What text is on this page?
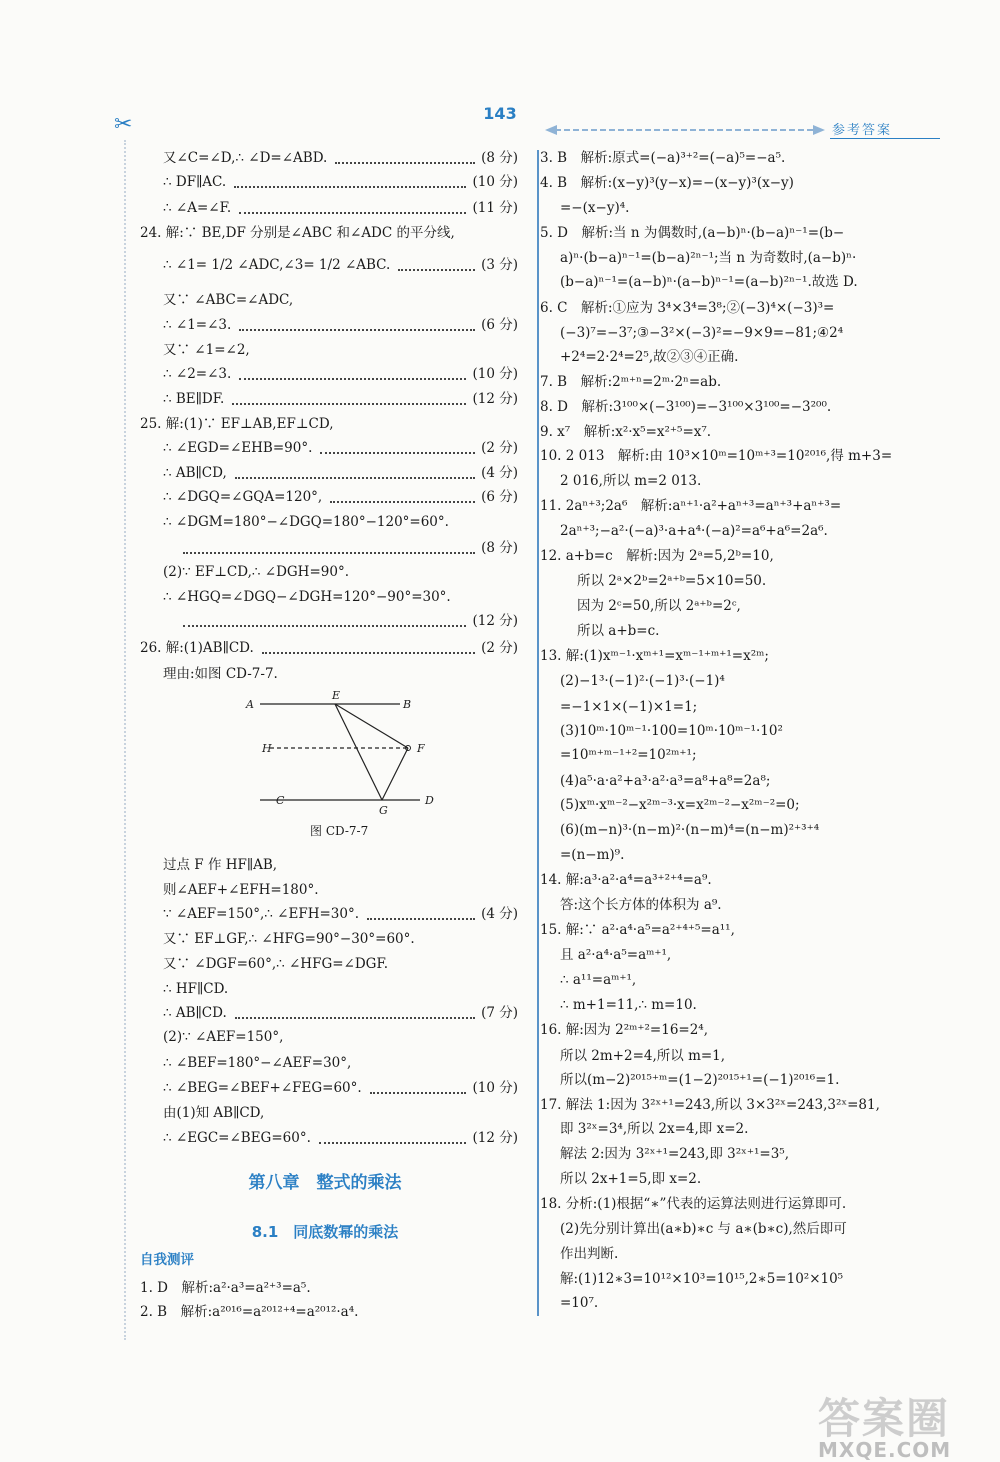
✂	143
参考答案
又∠C=∠D,∴ ∠D=∠ABD.	(8 分)
∴ DF∥AC.	(10 分)
∴ ∠A=∠F.	(11 分)
24. 解:∵ BE,DF 分别是∠ABC 和∠ADC 的平分线,
∴ ∠1= 1/2 ∠ADC,∠3= 1/2 ∠ABC.	(3 分)
又∵ ∠ABC=∠ADC,
∴ ∠1=∠3.	(6 分)
又∵ ∠1=∠2,
∴ ∠2=∠3.	(10 分)
∴ BE∥DF.	(12 分)
25. 解:(1)∵ EF⊥AB,EF⊥CD,
∴ ∠EGD=∠EHB=90°.	(2 分)
∴ AB∥CD,	(4 分)
∴ ∠DGQ=∠GQA=120°,	(6 分)
∴ ∠DGM=180°−∠DGQ=180°−120°=60°.
(8 分)
(2)∵ EF⊥CD,∴ ∠DGH=90°.
∴ ∠HGQ=∠DGQ−∠DGH=120°−90°=30°.
(12 分)
26. 解:(1)AB∥CD.	(2 分)
理由:如图 CD-7-7.
过点 F 作 HF∥AB,
则∠AEF+∠EFH=180°.
∵ ∠AEF=150°,∴ ∠EFH=30°.	(4 分)
又∵ EF⊥GF,∴ ∠HFG=90°−30°=60°.
又∵ ∠DGF=60°,∴ ∠HFG=∠DGF.
∴ HF∥CD.
∴ AB∥CD.	(7 分)
(2)∵ ∠AEF=150°,
∴ ∠BEF=180°−∠AEF=30°,
∴ ∠BEG=∠BEF+∠FEG=60°.	(10 分)
由(1)知 AB∥CD,
∴ ∠EGC=∠BEG=60°.	(12 分)
1. D　解析:a²·a³=a²⁺³=a⁵.
2. B　解析:a²⁰¹⁶=a²⁰¹²⁺⁴=a²⁰¹²·a⁴.
3. B　解析:原式=(−a)³⁺²=(−a)⁵=−a⁵.
4. B　解析:(x−y)³(y−x)=−(x−y)³(x−y)
=−(x−y)⁴.
5. D　解析:当 n 为偶数时,(a−b)ⁿ·(b−a)ⁿ⁻¹=(b−
a)ⁿ·(b−a)ⁿ⁻¹=(b−a)²ⁿ⁻¹;当 n 为奇数时,(a−b)ⁿ·
(b−a)ⁿ⁻¹=(a−b)ⁿ·(a−b)ⁿ⁻¹=(a−b)²ⁿ⁻¹.故选 D.
6. C　解析:①应为 3⁴×3⁴=3⁸;②(−3)⁴×(−3)³=
(−3)⁷=−3⁷;③−3²×(−3)²=−9×9=−81;④2⁴
+2⁴=2·2⁴=2⁵,故②③④正确.
7. B　解析:2ᵐ⁺ⁿ=2ᵐ·2ⁿ=ab.
8. D　解析:3¹⁰⁰×(−3¹⁰⁰)=−3¹⁰⁰×3¹⁰⁰=−3²⁰⁰.
9. x⁷　解析:x²·x⁵=x²⁺⁵=x⁷.
10. 2 013　解析:由 10³×10ᵐ=10ᵐ⁺³=10²⁰¹⁶,得 m+3=
2 016,所以 m=2 013.
11. 2aⁿ⁺³;2a⁶　解析:aⁿ⁺¹·a²+aⁿ⁺³=aⁿ⁺³+aⁿ⁺³=
2aⁿ⁺³;−a²·(−a)³·a+a⁴·(−a)²=a⁶+a⁶=2a⁶.
12. a+b=c　解析:因为 2ᵃ=5,2ᵇ=10,
所以 2ᵃ×2ᵇ=2ᵃ⁺ᵇ=5×10=50.
因为 2ᶜ=50,所以 2ᵃ⁺ᵇ=2ᶜ,
所以 a+b=c.
13. 解:(1)xᵐ⁻¹·xᵐ⁺¹=xᵐ⁻¹⁺ᵐ⁺¹=x²ᵐ;
(2)−1³·(−1)²·(−1)³·(−1)⁴
=−1×1×(−1)×1=1;
(3)10ᵐ·10ᵐ⁻¹·100=10ᵐ·10ᵐ⁻¹·10²
=10ᵐ⁺ᵐ⁻¹⁺²=10²ᵐ⁺¹;
(4)a⁵·a·a²+a³·a²·a³=a⁸+a⁸=2a⁸;
(5)xᵐ·xᵐ⁻²−x²ᵐ⁻³·x=x²ᵐ⁻²−x²ᵐ⁻²=0;
(6)(m−n)³·(n−m)²·(n−m)⁴=(n−m)²⁺³⁺⁴
=(n−m)⁹.
14. 解:a³·a²·a⁴=a³⁺²⁺⁴=a⁹.
答:这个长方体的体积为 a⁹.
15. 解:∵ a²·a⁴·a⁵=a²⁺⁴⁺⁵=a¹¹,
且 a²·a⁴·a⁵=aᵐ⁺¹,
∴ a¹¹=aᵐ⁺¹,
∴ m+1=11,∴ m=10.
16. 解:因为 2²ᵐ⁺²=16=2⁴,
所以 2m+2=4,所以 m=1,
所以(m−2)²⁰¹⁵⁺ᵐ=(1−2)²⁰¹⁵⁺¹=(−1)²⁰¹⁶=1.
17. 解法 1:因为 3²ˣ⁺¹=243,所以 3×3²ˣ=243,3²ˣ=81,
即 3²ˣ=3⁴,所以 2x=4,即 x=2.
解法 2:因为 3²ˣ⁺¹=243,即 3²ˣ⁺¹=3⁵,
所以 2x+1=5,即 x=2.
18. 分析:(1)根据“∗”代表的运算法则进行运算即可.
(2)先分别计算出(a∗b)∗c 与 a∗(b∗c),然后即可
作出判断.
解:(1)12∗3=10¹²×10³=10¹⁵,2∗5=10²×10⁵
=10⁷.
A
E
B
H	F
C
G
D
图 CD-7-7
第八章　整式的乘法
8.1　同底数幂的乘法
自我测评
答案圈
MXQE.COM
